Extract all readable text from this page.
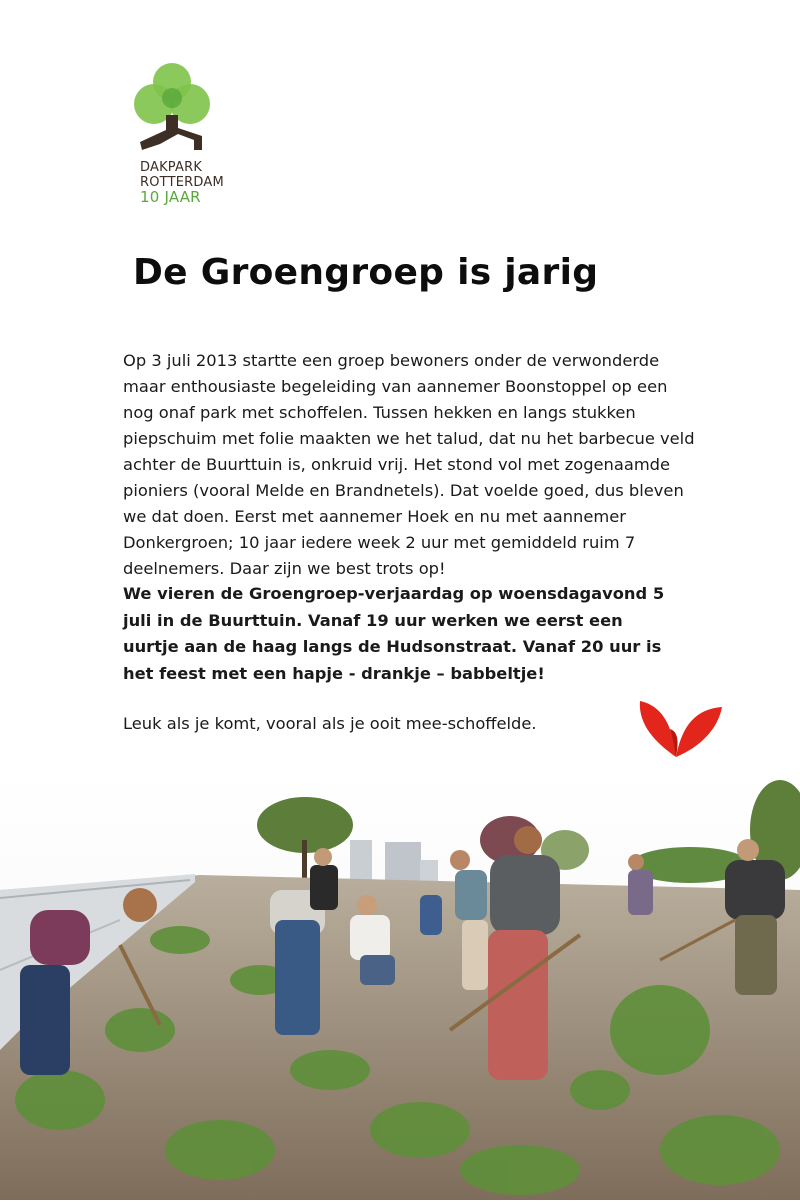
DAKPARK
ROTTERDAM
10 JAAR
De Groengroep is jarig

Op 3 juli 2013 startte een groep bewoners onder de verwonderde maar enthousiaste begeleiding van aannemer Boonstoppel op een nog onaf park met schoffelen. Tussen hekken en langs stukken piepschuim met folie maakten we het talud, dat nu het barbecue veld achter de Buurttuin is, onkruid vrij. Het stond vol met zogenaamde pioniers (vooral Melde en Brandnetels). Dat voelde goed, dus bleven we dat doen. Eerst met aannemer Hoek en nu met aannemer Donkergroen; 10 jaar iedere week 2 uur met gemiddeld ruim 7 deelnemers. Daar zijn we best trots op!

We vieren de Groengroep-verjaardag op woensdagavond 5 juli in de Buurttuin. Vanaf 19 uur werken we eerst een uurtje aan de haag langs de Hudsonstraat. Vanaf 20 uur is het feest met een hapje - drankje – babbeltje!

Leuk als je komt, vooral als je ooit mee-schoffelde.
